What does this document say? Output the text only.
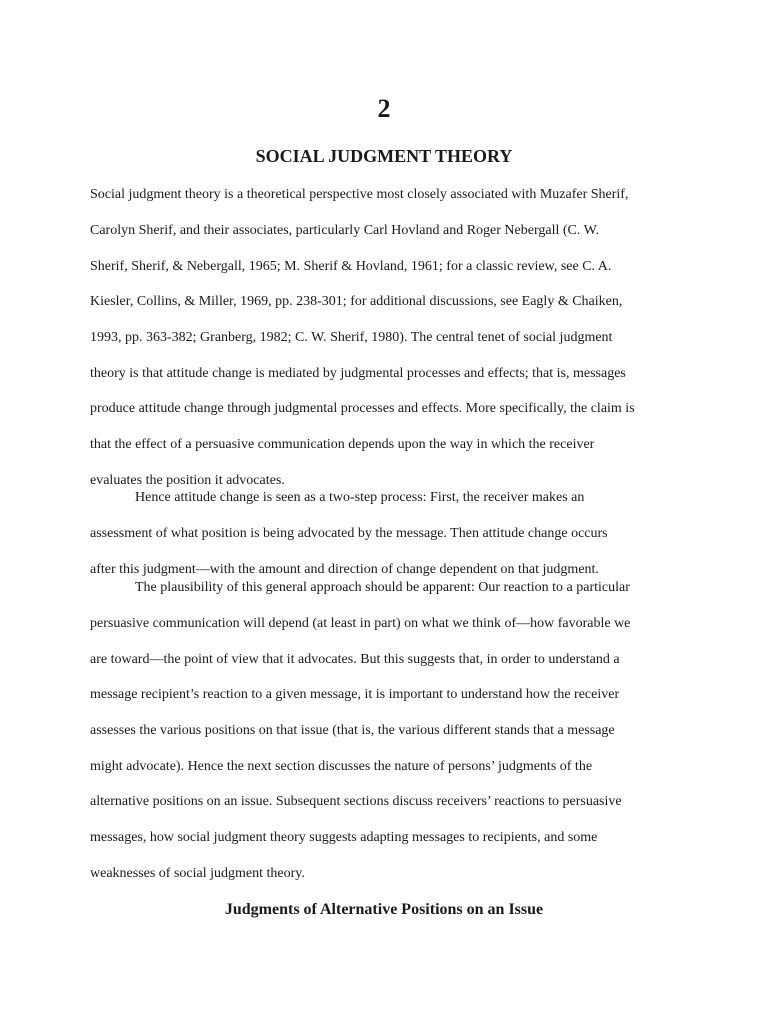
2
SOCIAL JUDGMENT THEORY
Social judgment theory is a theoretical perspective most closely associated with Muzafer Sherif,
Carolyn Sherif, and their associates, particularly Carl Hovland and Roger Nebergall (C. W.
Sherif, Sherif, & Nebergall, 1965; M. Sherif & Hovland, 1961; for a classic review, see C. A.
Kiesler, Collins, & Miller, 1969, pp. 238-301; for additional discussions, see Eagly & Chaiken,
1993, pp. 363-382; Granberg, 1982; C. W. Sherif, 1980). The central tenet of social judgment
theory is that attitude change is mediated by judgmental processes and effects; that is, messages
produce attitude change through judgmental processes and effects. More specifically, the claim is
that the effect of a persuasive communication depends upon the way in which the receiver
evaluates the position it advocates.
Hence attitude change is seen as a two-step process: First, the receiver makes an
assessment of what position is being advocated by the message. Then attitude change occurs
after this judgment—with the amount and direction of change dependent on that judgment.
The plausibility of this general approach should be apparent: Our reaction to a particular
persuasive communication will depend (at least in part) on what we think of—how favorable we
are toward—the point of view that it advocates. But this suggests that, in order to understand a
message recipient’s reaction to a given message, it is important to understand how the receiver
assesses the various positions on that issue (that is, the various different stands that a message
might advocate). Hence the next section discusses the nature of persons’ judgments of the
alternative positions on an issue. Subsequent sections discuss receivers’ reactions to persuasive
messages, how social judgment theory suggests adapting messages to recipients, and some
weaknesses of social judgment theory.
Judgments of Alternative Positions on an Issue
